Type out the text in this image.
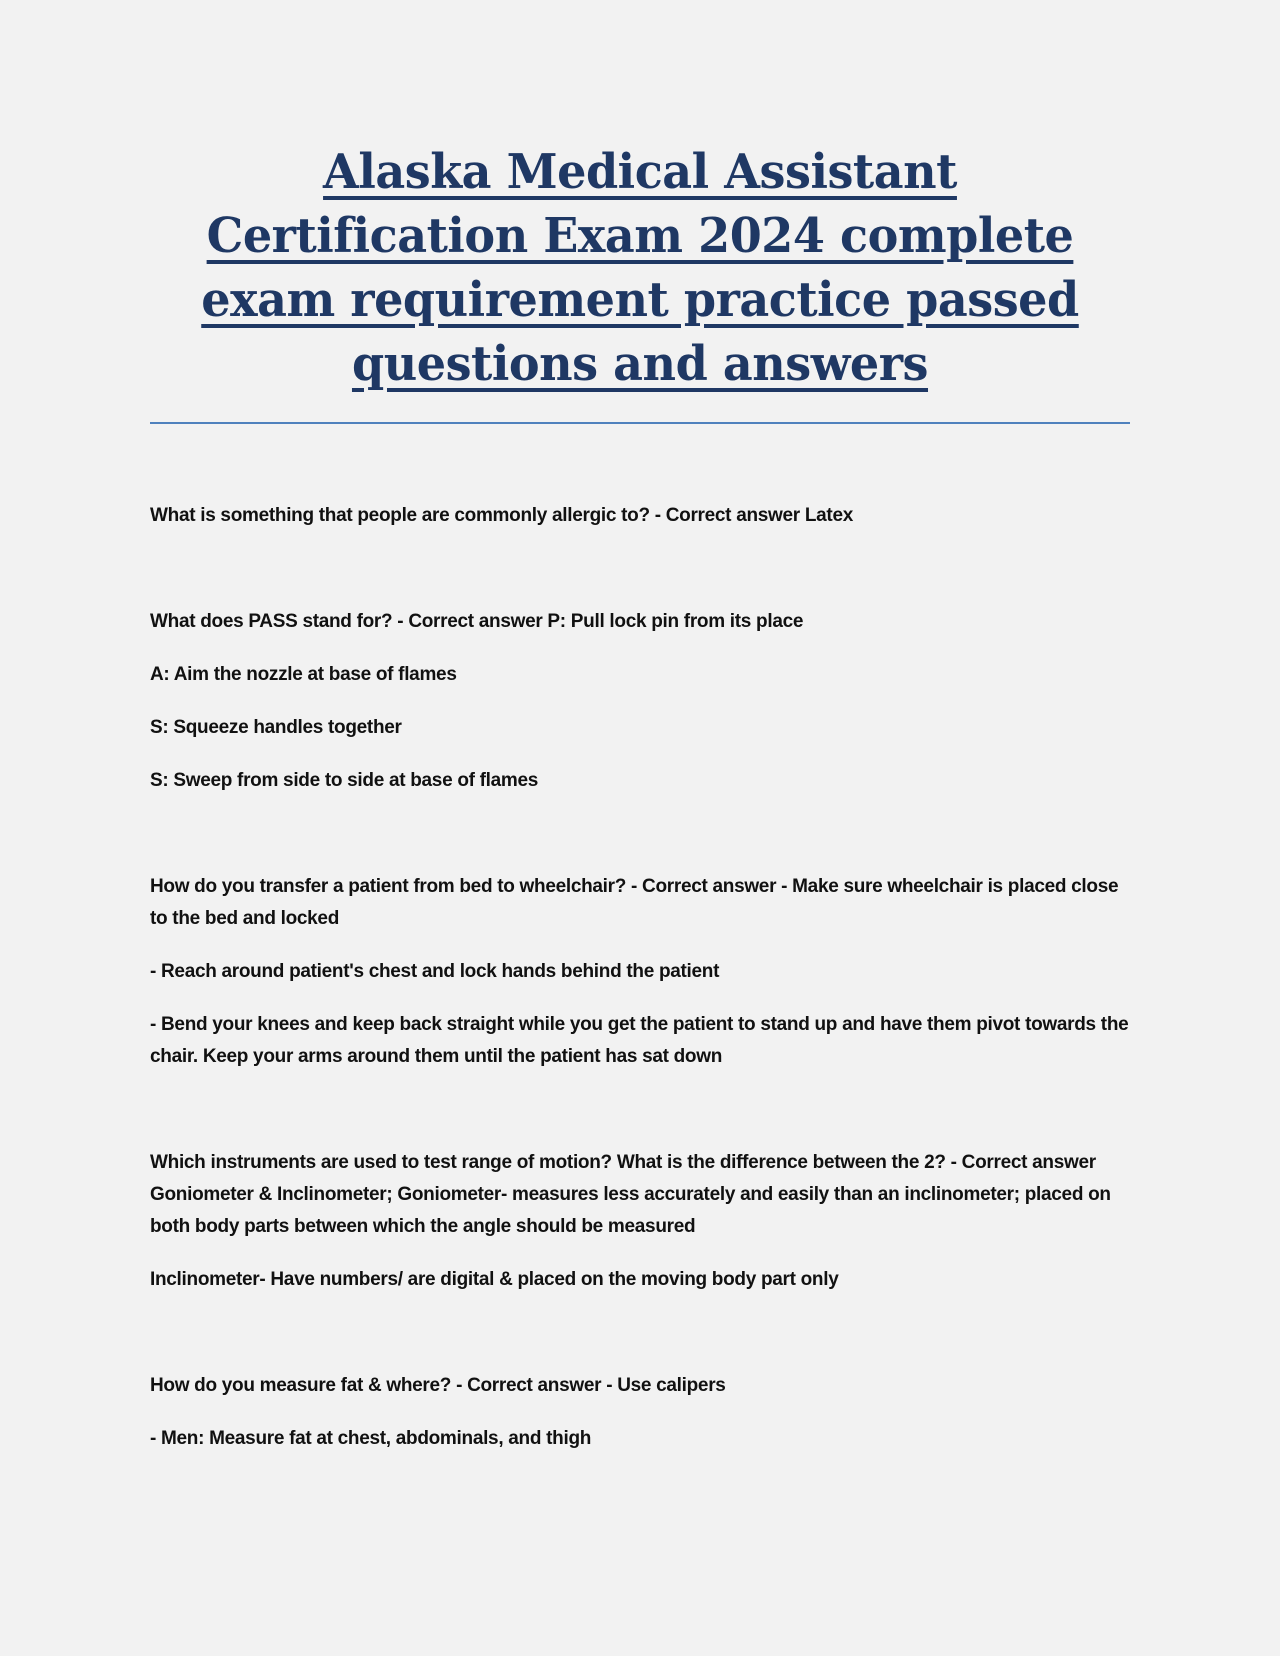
Alaska Medical Assistant Certification Exam 2024 complete exam requirement practice passed questions and answers

What is something that people are commonly allergic to? - Correct answer Latex

What does PASS stand for? - Correct answer P: Pull lock pin from its place

A: Aim the nozzle at base of flames

S: Squeeze handles together

S: Sweep from side to side at base of flames

How do you transfer a patient from bed to wheelchair? - Correct answer - Make sure wheelchair is placed close to the bed and locked

- Reach around patient's chest and lock hands behind the patient

- Bend your knees and keep back straight while you get the patient to stand up and have them pivot towards the chair. Keep your arms around them until the patient has sat down

Which instruments are used to test range of motion? What is the difference between the 2? - Correct answer Goniometer & Inclinometer; Goniometer- measures less accurately and easily than an inclinometer; placed on both body parts between which the angle should be measured

Inclinometer- Have numbers/ are digital & placed on the moving body part only

How do you measure fat & where? - Correct answer - Use calipers

- Men: Measure fat at chest, abdominals, and thigh
